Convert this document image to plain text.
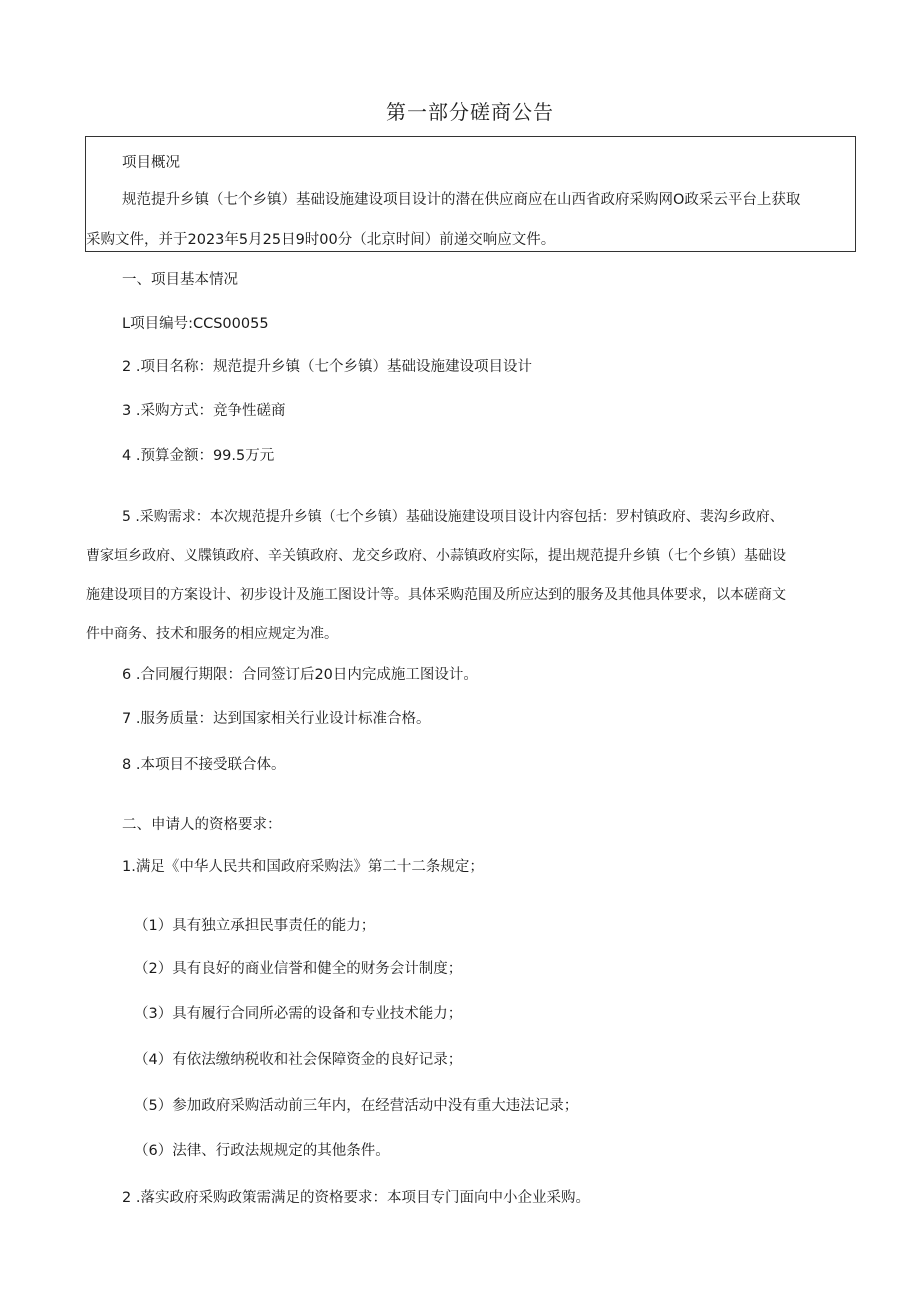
第一部分磋商公告
项目概况
规范提升乡镇（七个乡镇）基础设施建设项目设计的潜在供应商应在山西省政府采购网O政采云平台上获取
采购文件，并于2023年5月25日9时00分（北京时间）前递交响应文件。
一、项目基本情况
L项目编号:CCS00055
2 .项目名称：规范提升乡镇（七个乡镇）基础设施建设项目设计
3 .采购方式：竞争性磋商
4 .预算金额：99.5万元
5 .采购需求：本次规范提升乡镇（七个乡镇）基础设施建设项目设计内容包括：罗村镇政府、裴沟乡政府、
曹家垣乡政府、义牒镇政府、辛关镇政府、龙交乡政府、小蒜镇政府实际，提出规范提升乡镇（七个乡镇）基础设
施建设项目的方案设计、初步设计及施工图设计等。具体采购范围及所应达到的服务及其他具体要求，以本磋商文
件中商务、技术和服务的相应规定为准。
6 .合同履行期限：合同签订后20日内完成施工图设计。
7 .服务质量：达到国家相关行业设计标准合格。
8 .本项目不接受联合体。
二、申请人的资格要求：
1.满足《中华人民共和国政府采购法》第二十二条规定；
（1）具有独立承担民事责任的能力；
（2）具有良好的商业信誉和健全的财务会计制度；
（3）具有履行合同所必需的设备和专业技术能力；
（4）有依法缴纳税收和社会保障资金的良好记录；
（5）参加政府采购活动前三年内，在经营活动中没有重大违法记录；
（6）法律、行政法规规定的其他条件。
2 .落实政府采购政策需满足的资格要求：本项目专门面向中小企业采购。
